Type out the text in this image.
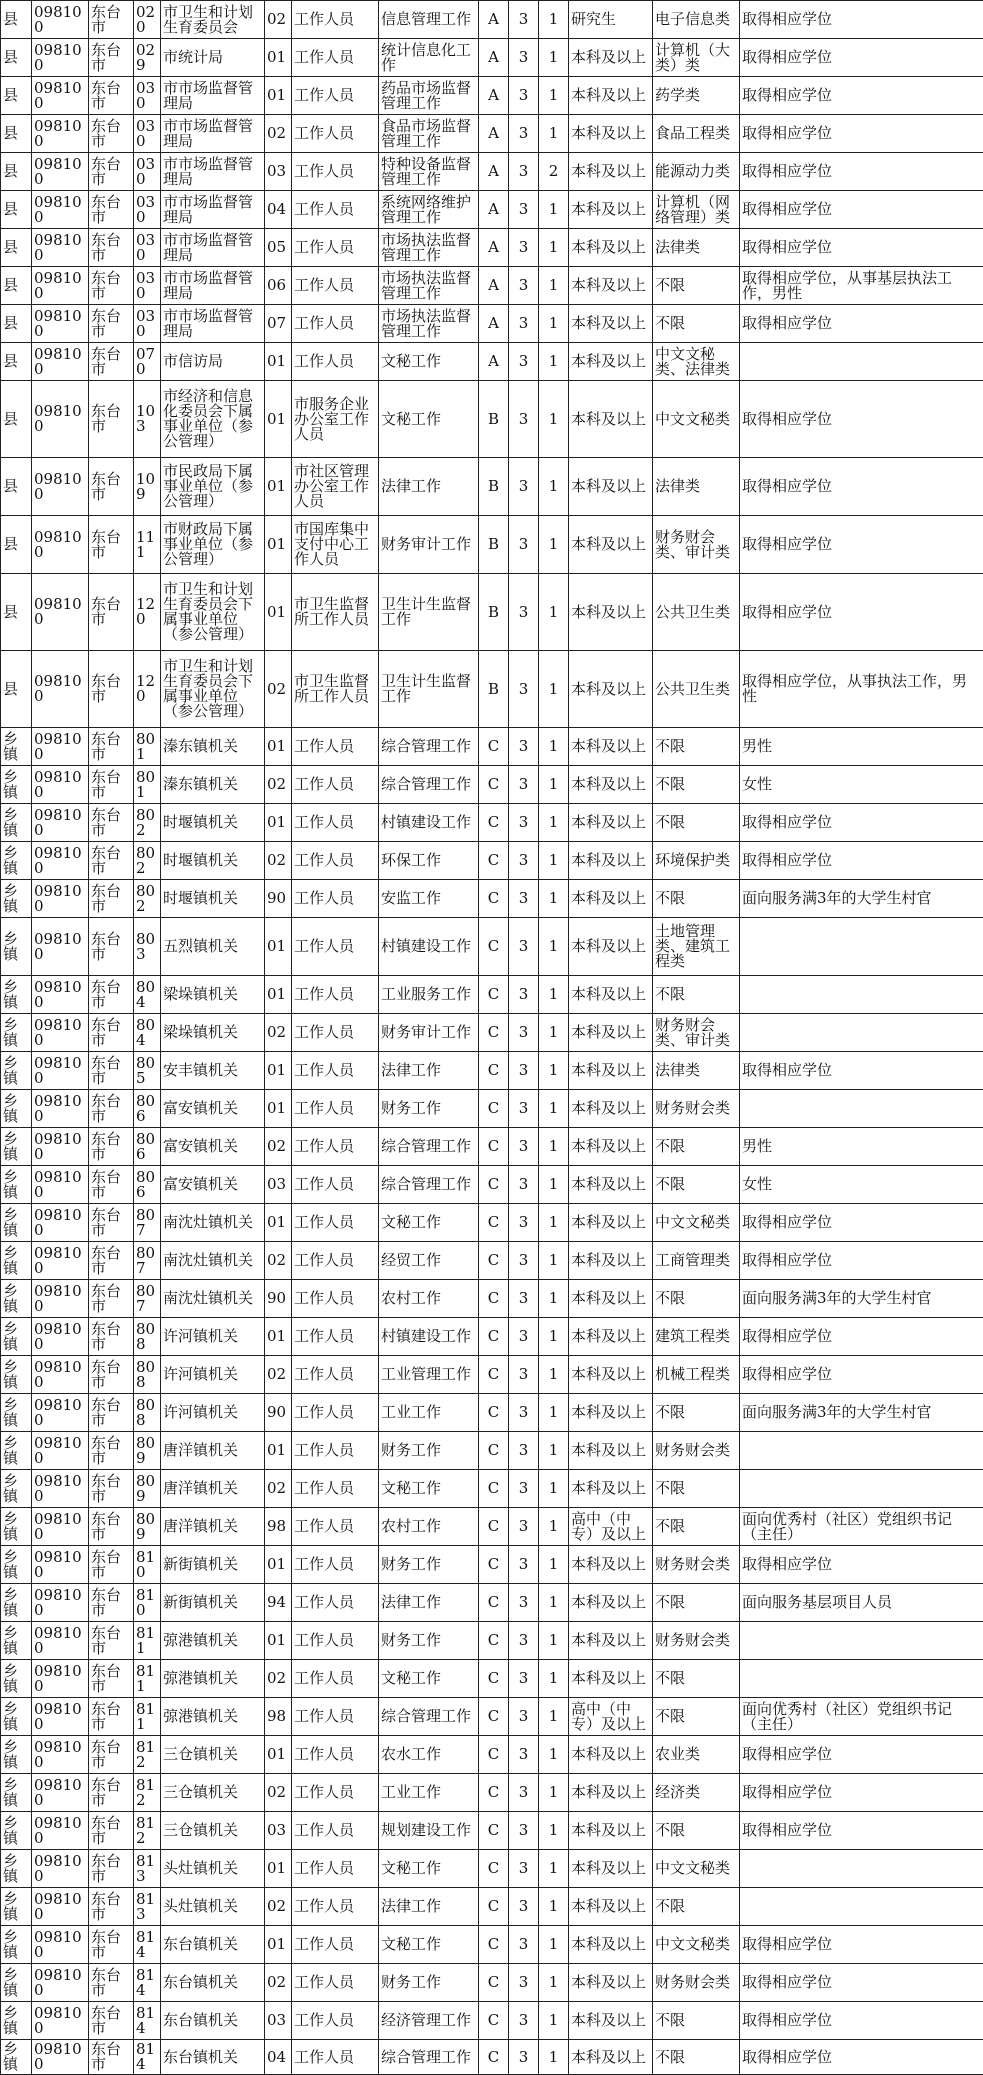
县	098100	东台市	020	市卫生和计划生育委员会	02	工作人员	信息管理工作	A	3	1	研究生	电子信息类	取得相应学位
县	098100	东台市	029	市统计局	01	工作人员	统计信息化工作	A	3	1	本科及以上	计算机（大类）类	取得相应学位
县	098100	东台市	030	市市场监督管理局	01	工作人员	药品市场监督管理工作	A	3	1	本科及以上	药学类	取得相应学位
县	098100	东台市	030	市市场监督管理局	02	工作人员	食品市场监督管理工作	A	3	1	本科及以上	食品工程类	取得相应学位
县	098100	东台市	030	市市场监督管理局	03	工作人员	特种设备监督管理工作	A	3	2	本科及以上	能源动力类	取得相应学位
县	098100	东台市	030	市市场监督管理局	04	工作人员	系统网络维护管理工作	A	3	1	本科及以上	计算机（网络管理）类	取得相应学位
县	098100	东台市	030	市市场监督管理局	05	工作人员	市场执法监督管理工作	A	3	1	本科及以上	法律类	取得相应学位
县	098100	东台市	030	市市场监督管理局	06	工作人员	市场执法监督管理工作	A	3	1	本科及以上	不限	取得相应学位，从事基层执法工作，男性
县	098100	东台市	030	市市场监督管理局	07	工作人员	市场执法监督管理工作	A	3	1	本科及以上	不限	取得相应学位
县	098100	东台市	070	市信访局	01	工作人员	文秘工作	A	3	1	本科及以上	中文文秘类、法律类	
县	098100	东台市	103	市经济和信息化委员会下属事业单位（参公管理）	01	市服务企业办公室工作人员	文秘工作	B	3	1	本科及以上	中文文秘类	取得相应学位
县	098100	东台市	109	市民政局下属事业单位（参公管理）	01	市社区管理办公室工作人员	法律工作	B	3	1	本科及以上	法律类	取得相应学位
县	098100	东台市	111	市财政局下属事业单位（参公管理）	01	市国库集中支付中心工作人员	财务审计工作	B	3	1	本科及以上	财务财会类、审计类	取得相应学位
县	098100	东台市	120	市卫生和计划生育委员会下属事业单位（参公管理）	01	市卫生监督所工作人员	卫生计生监督工作	B	3	1	本科及以上	公共卫生类	取得相应学位
县	098100	东台市	120	市卫生和计划生育委员会下属事业单位（参公管理）	02	市卫生监督所工作人员	卫生计生监督工作	B	3	1	本科及以上	公共卫生类	取得相应学位，从事执法工作，男性
乡镇	098100	东台市	801	溱东镇机关	01	工作人员	综合管理工作	C	3	1	本科及以上	不限	男性
乡镇	098100	东台市	801	溱东镇机关	02	工作人员	综合管理工作	C	3	1	本科及以上	不限	女性
乡镇	098100	东台市	802	时堰镇机关	01	工作人员	村镇建设工作	C	3	1	本科及以上	不限	取得相应学位
乡镇	098100	东台市	802	时堰镇机关	02	工作人员	环保工作	C	3	1	本科及以上	环境保护类	取得相应学位
乡镇	098100	东台市	802	时堰镇机关	90	工作人员	安监工作	C	3	1	本科及以上	不限	面向服务满3年的大学生村官
乡镇	098100	东台市	803	五烈镇机关	01	工作人员	村镇建设工作	C	3	1	本科及以上	土地管理类、建筑工程类	
乡镇	098100	东台市	804	梁垛镇机关	01	工作人员	工业服务工作	C	3	1	本科及以上	不限	
乡镇	098100	东台市	804	梁垛镇机关	02	工作人员	财务审计工作	C	3	1	本科及以上	财务财会类、审计类	
乡镇	098100	东台市	805	安丰镇机关	01	工作人员	法律工作	C	3	1	本科及以上	法律类	取得相应学位
乡镇	098100	东台市	806	富安镇机关	01	工作人员	财务工作	C	3	1	本科及以上	财务财会类	
乡镇	098100	东台市	806	富安镇机关	02	工作人员	综合管理工作	C	3	1	本科及以上	不限	男性
乡镇	098100	东台市	806	富安镇机关	03	工作人员	综合管理工作	C	3	1	本科及以上	不限	女性
乡镇	098100	东台市	807	南沈灶镇机关	01	工作人员	文秘工作	C	3	1	本科及以上	中文文秘类	取得相应学位
乡镇	098100	东台市	807	南沈灶镇机关	02	工作人员	经贸工作	C	3	1	本科及以上	工商管理类	取得相应学位
乡镇	098100	东台市	807	南沈灶镇机关	90	工作人员	农村工作	C	3	1	本科及以上	不限	面向服务满3年的大学生村官
乡镇	098100	东台市	808	许河镇机关	01	工作人员	村镇建设工作	C	3	1	本科及以上	建筑工程类	取得相应学位
乡镇	098100	东台市	808	许河镇机关	02	工作人员	工业管理工作	C	3	1	本科及以上	机械工程类	取得相应学位
乡镇	098100	东台市	808	许河镇机关	90	工作人员	工业工作	C	3	1	本科及以上	不限	面向服务满3年的大学生村官
乡镇	098100	东台市	809	唐洋镇机关	01	工作人员	财务工作	C	3	1	本科及以上	财务财会类	
乡镇	098100	东台市	809	唐洋镇机关	02	工作人员	文秘工作	C	3	1	本科及以上	不限	
乡镇	098100	东台市	809	唐洋镇机关	98	工作人员	农村工作	C	3	1	高中（中专）及以上	不限	面向优秀村（社区）党组织书记（主任）
乡镇	098100	东台市	810	新街镇机关	01	工作人员	财务工作	C	3	1	本科及以上	财务财会类	取得相应学位
乡镇	098100	东台市	810	新街镇机关	94	工作人员	法律工作	C	3	1	本科及以上	不限	面向服务基层项目人员
乡镇	098100	东台市	811	弶港镇机关	01	工作人员	财务工作	C	3	1	本科及以上	财务财会类	
乡镇	098100	东台市	811	弶港镇机关	02	工作人员	文秘工作	C	3	1	本科及以上	不限	
乡镇	098100	东台市	811	弶港镇机关	98	工作人员	综合管理工作	C	3	1	高中（中专）及以上	不限	面向优秀村（社区）党组织书记（主任）
乡镇	098100	东台市	812	三仓镇机关	01	工作人员	农水工作	C	3	1	本科及以上	农业类	取得相应学位
乡镇	098100	东台市	812	三仓镇机关	02	工作人员	工业工作	C	3	1	本科及以上	经济类	取得相应学位
乡镇	098100	东台市	812	三仓镇机关	03	工作人员	规划建设工作	C	3	1	本科及以上	不限	取得相应学位
乡镇	098100	东台市	813	头灶镇机关	01	工作人员	文秘工作	C	3	1	本科及以上	中文文秘类	
乡镇	098100	东台市	813	头灶镇机关	02	工作人员	法律工作	C	3	1	本科及以上	不限	
乡镇	098100	东台市	814	东台镇机关	01	工作人员	文秘工作	C	3	1	本科及以上	中文文秘类	取得相应学位
乡镇	098100	东台市	814	东台镇机关	02	工作人员	财务工作	C	3	1	本科及以上	财务财会类	取得相应学位
乡镇	098100	东台市	814	东台镇机关	03	工作人员	经济管理工作	C	3	1	本科及以上	不限	取得相应学位
乡镇	098100	东台市	814	东台镇机关	04	工作人员	综合管理工作	C	3	1	本科及以上	不限	取得相应学位
